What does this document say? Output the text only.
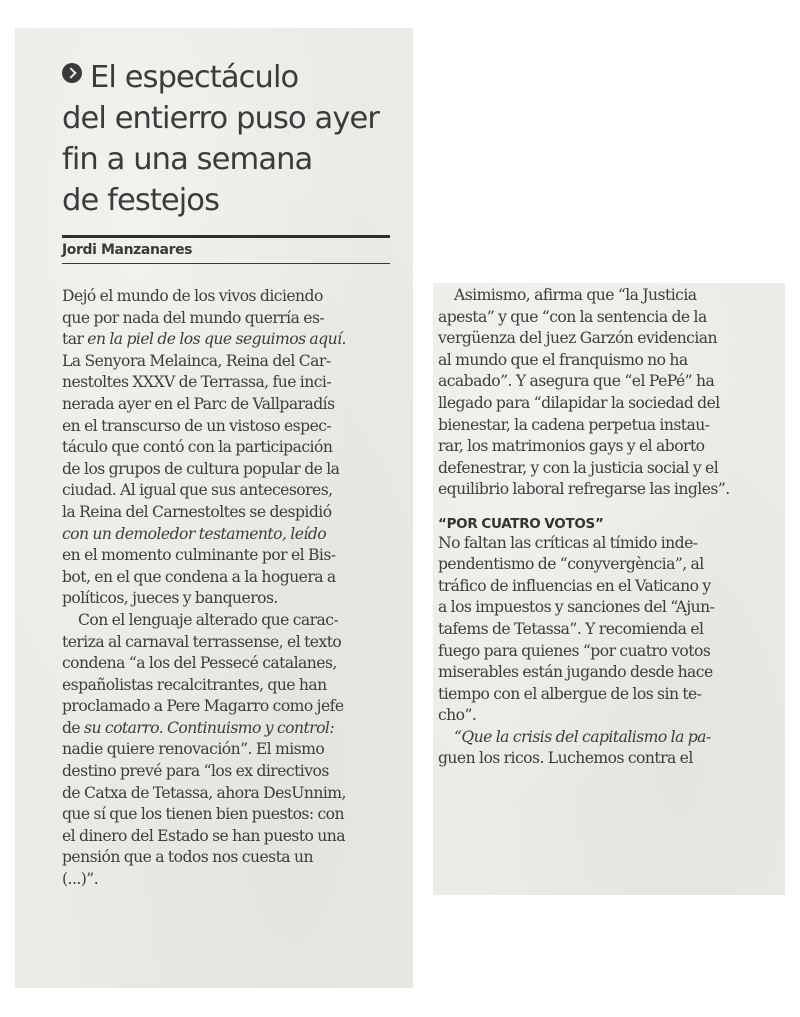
El espectáculo
del entierro puso ayer
fin a una semana
de festejos
Jordi Manzanares
Dejó el mundo de los vivos diciendo
que por nada del mundo querría es-
tar en la piel de los que seguimos aquí.
La Senyora Melainca, Reina del Car-
nestoltes XXXV de Terrassa, fue inci-
nerada ayer en el Parc de Vallparadís
en el transcurso de un vistoso espec-
táculo que contó con la participación
de los grupos de cultura popular de la
ciudad. Al igual que sus antecesores,
la Reina del Carnestoltes se despidió
con un demoledor testamento, leído
en el momento culminante por el Bis-
bot, en el que condena a la hoguera a
políticos, jueces y banqueros.
Con el lenguaje alterado que carac-
teriza al carnaval terrassense, el texto
condena “a los del Pessecé catalanes,
españolistas recalcitrantes, que han
proclamado a Pere Magarro como jefe
de su cotarro. Continuismo y control:
nadie quiere renovación”. El mismo
destino prevé para “los ex directivos
de Catxa de Tetassa, ahora DesUnnim,
que sí que los tienen bien puestos: con
el dinero del Estado se han puesto una
pensión que a todos nos cuesta un
(...)”.
Asimismo, afirma que “la Justicia
apesta” y que “con la sentencia de la
vergüenza del juez Garzón evidencian
al mundo que el franquismo no ha
acabado”. Y asegura que “el PePé” ha
llegado para “dilapidar la sociedad del
bienestar, la cadena perpetua instau-
rar, los matrimonios gays y el aborto
defenestrar, y con la justicia social y el
equilibrio laboral refregarse las ingles”.
“POR CUATRO VOTOS”
No faltan las críticas al tímido inde-
pendentismo de “conyvergència”, al
tráfico de influencias en el Vaticano y
a los impuestos y sanciones del “Ajun-
tafems de Tetassa”. Y recomienda el
fuego para quienes “por cuatro votos
miserables están jugando desde hace
tiempo con el albergue de los sin te-
cho”.
“Que la crisis del capitalismo la pa-
guen los ricos. Luchemos contra el
